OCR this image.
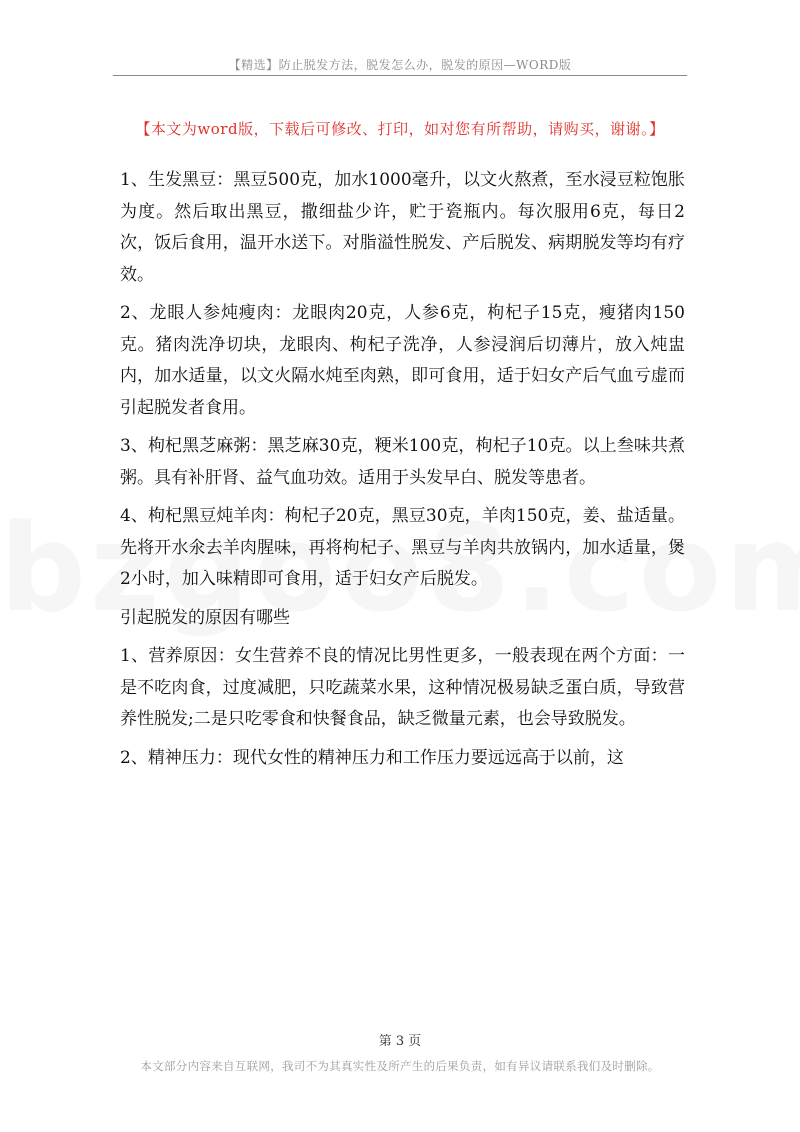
【精选】防止脱发方法，脱发怎么办，脱发的原因—WORD版
【本文为word版，下载后可修改、打印，如对您有所帮助，请购买，谢谢。】

1、生发黑豆：黑豆500克，加水1000毫升，以文火熬煮，至水浸豆粒饱胀为度。然后取出黑豆，撒细盐少许，贮于瓷瓶内。每次服用6克，每日2次，饭后食用，温开水送下。对脂溢性脱发、产后脱发、病期脱发等均有疗效。

2、龙眼人参炖瘦肉：龙眼肉20克，人参6克，枸杞子15克，瘦猪肉150克。猪肉洗净切块，龙眼肉、枸杞子洗净，人参浸润后切薄片，放入炖盅内，加水适量，以文火隔水炖至肉熟，即可食用，适于妇女产后气血亏虚而引起脱发者食用。

3、枸杞黑芝麻粥：黑芝麻30克，粳米100克，枸杞子10克。以上叁味共煮粥。具有补肝肾、益气血功效。适用于头发早白、脱发等患者。

4、枸杞黑豆炖羊肉：枸杞子20克，黑豆30克，羊肉150克，姜、盐适量。先将开水氽去羊肉腥味，再将枸杞子、黑豆与羊肉共放锅内，加水适量，煲2小时，加入味精即可食用，适于妇女产后脱发。

引起脱发的原因有哪些

1、营养原因：女生营养不良的情况比男性更多，一般表现在两个方面：一是不吃肉食，过度减肥，只吃蔬菜水果，这种情况极易缺乏蛋白质，导致营养性脱发;二是只吃零食和快餐食品，缺乏微量元素，也会导致脱发。

2、精神压力：现代女性的精神压力和工作压力要远远高于以前，这

第 3 页
本文部分内容来自互联网，我司不为其真实性及所产生的后果负责，如有异议请联系我们及时删除。
